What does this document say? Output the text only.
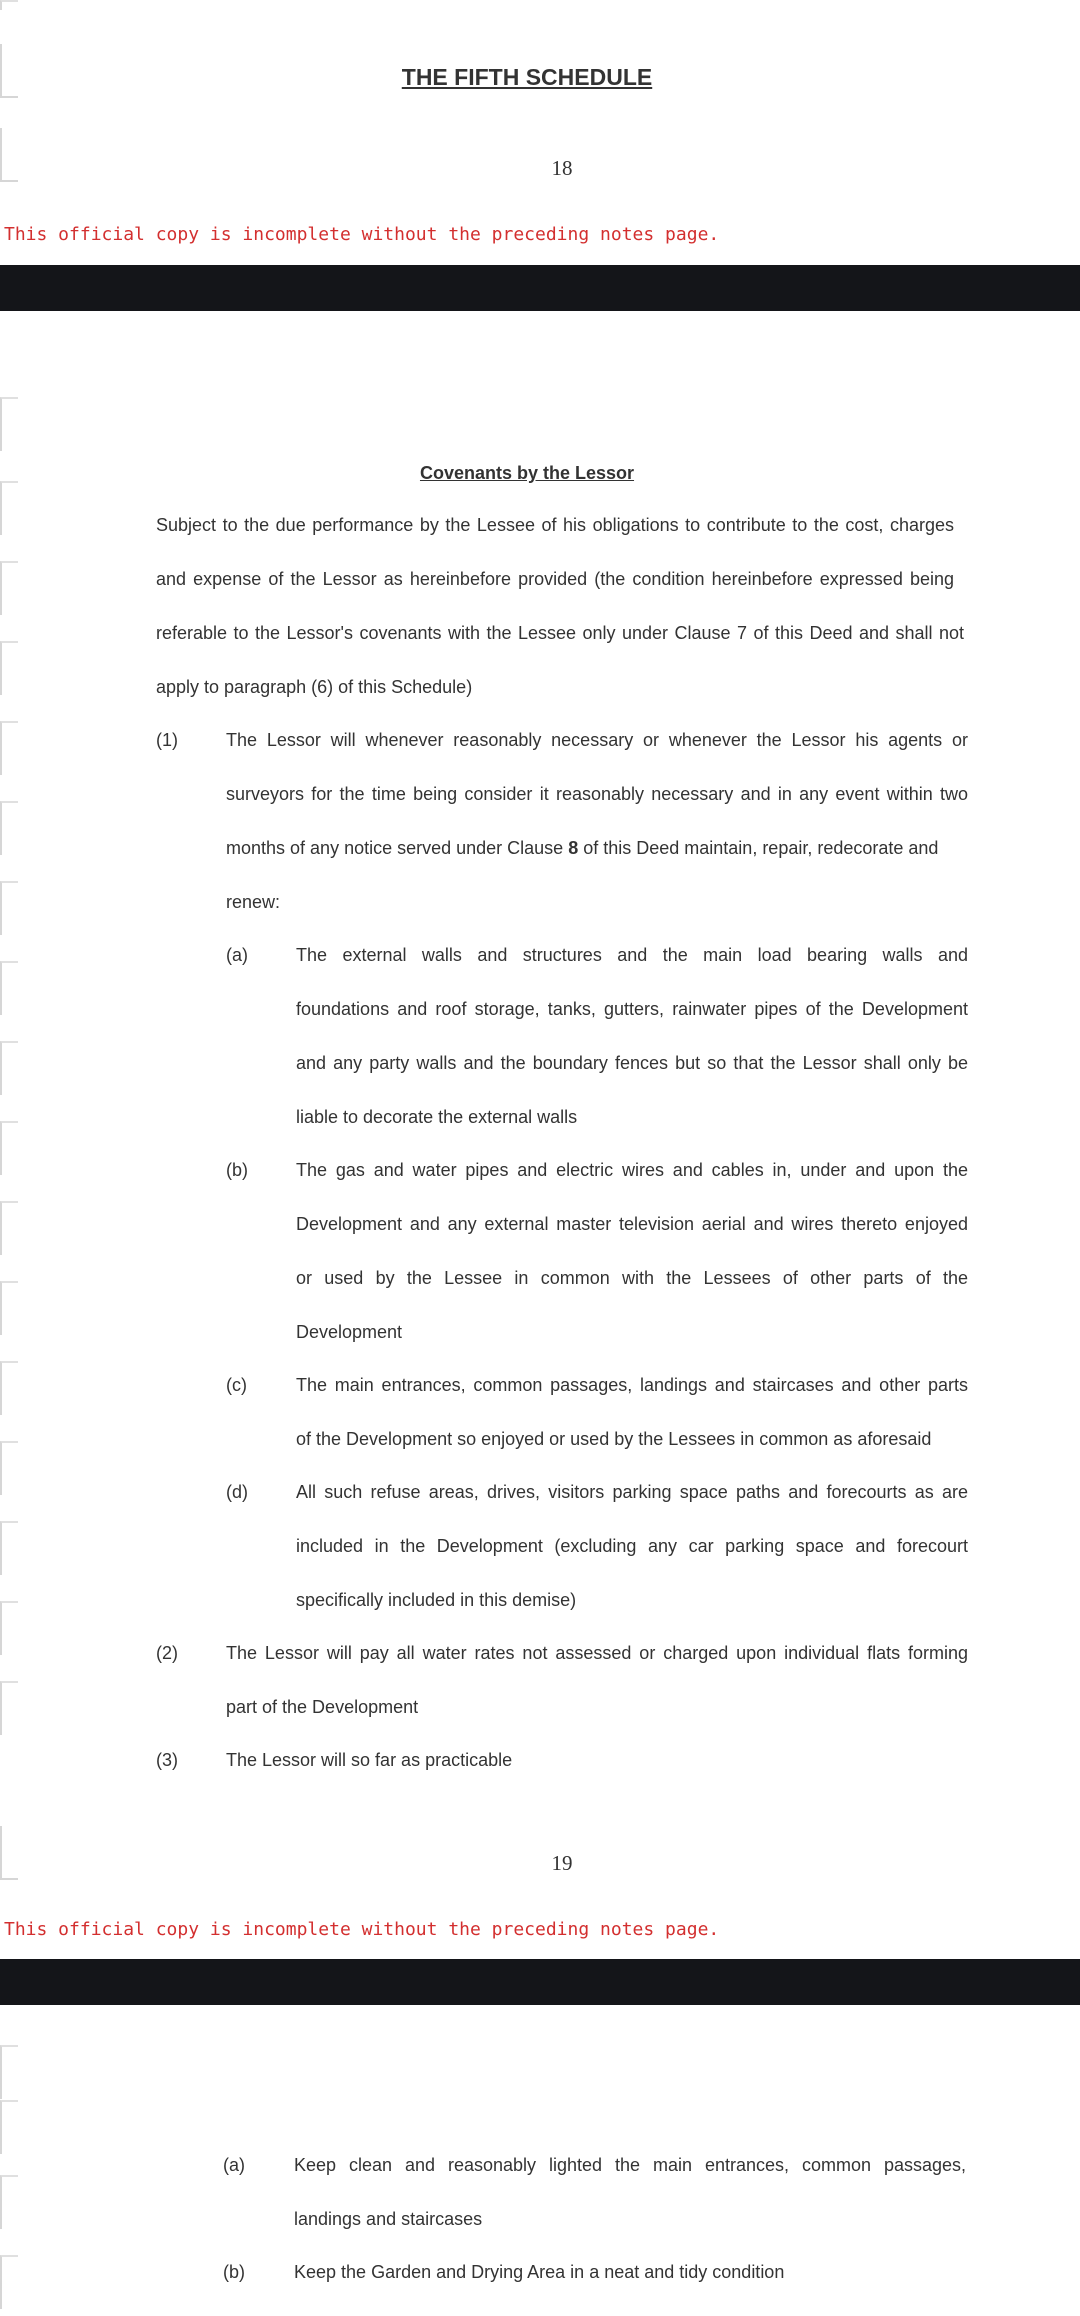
THE FIFTH SCHEDULE
18
This official copy is incomplete without the preceding notes page.
Covenants by the Lessor
Subject to the due performance by the Lessee of his obligations to contribute to the cost, charges
and expense of the Lessor as hereinbefore provided (the condition hereinbefore expressed being
referable to the Lessor's covenants with the Lessee only under Clause 7 of this Deed and shall not
apply to paragraph (6) of this Schedule)
(1)	The Lessor will whenever reasonably necessary or whenever the Lessor his agents or
surveyors for the time being consider it reasonably necessary and in any event within two
months of any notice served under Clause 8 of this Deed maintain, repair, redecorate and
renew:
(a)	The external walls and structures and the main load bearing walls and
foundations and roof storage, tanks, gutters, rainwater pipes of the Development
and any party walls and the boundary fences but so that the Lessor shall only be
liable to decorate the external walls
(b)	The gas and water pipes and electric wires and cables in, under and upon the
Development and any external master television aerial and wires thereto enjoyed
or used by the Lessee in common with the Lessees of other parts of the
Development
(c)	The main entrances, common passages, landings and staircases and other parts
of the Development so enjoyed or used by the Lessees in common as aforesaid
(d)	All such refuse areas, drives, visitors parking space paths and forecourts as are
included in the Development (excluding any car parking space and forecourt
specifically included in this demise)
(2)	The Lessor will pay all water rates not assessed or charged upon individual flats forming
part of the Development
(3)	The Lessor will so far as practicable
19
This official copy is incomplete without the preceding notes page.
(a)	Keep clean and reasonably lighted the main entrances, common passages,
landings and staircases
(b)	Keep the Garden and Drying Area in a neat and tidy condition
